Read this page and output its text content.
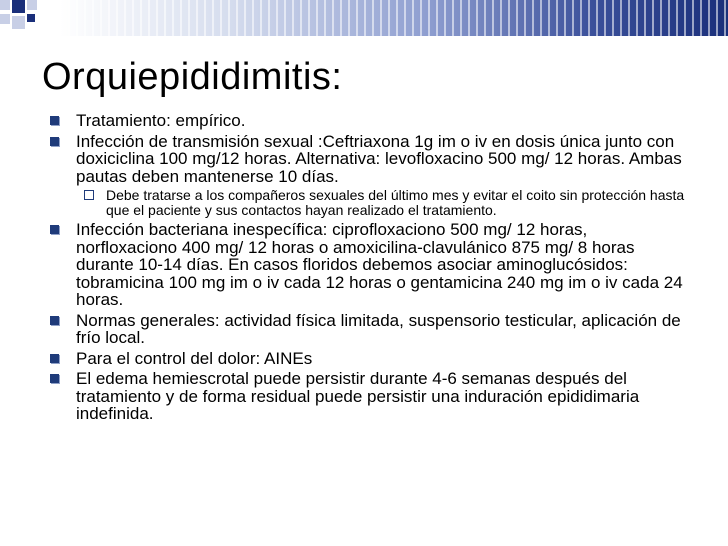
Orquiepididimitis:
Tratamiento: empírico.
Infección de transmisión sexual :Ceftriaxona 1g im o iv en dosis única junto con doxiciclina 100 mg/12 horas. Alternativa: levofloxacino 500 mg/ 12 horas. Ambas pautas deben mantenerse 10 días.
Debe tratarse a los compañeros sexuales del último mes y evitar el coito sin protección hasta que el paciente y sus contactos hayan realizado el tratamiento.
Infección bacteriana inespecífica: ciprofloxaciono 500 mg/ 12 horas, norfloxaciono 400 mg/ 12 horas o amoxicilina-clavulánico 875 mg/ 8 horas durante 10-14 días. En casos floridos debemos asociar aminoglucósidos: tobramicina 100 mg im o iv cada 12 horas o gentamicina 240 mg im o iv cada 24 horas.
Normas generales: actividad física limitada, suspensorio testicular, aplicación de frío local.
Para el control del dolor: AINEs
El edema hemiescrotal puede persistir durante 4-6 semanas después del tratamiento y de forma residual puede persistir una induración epididimaria indefinida.
